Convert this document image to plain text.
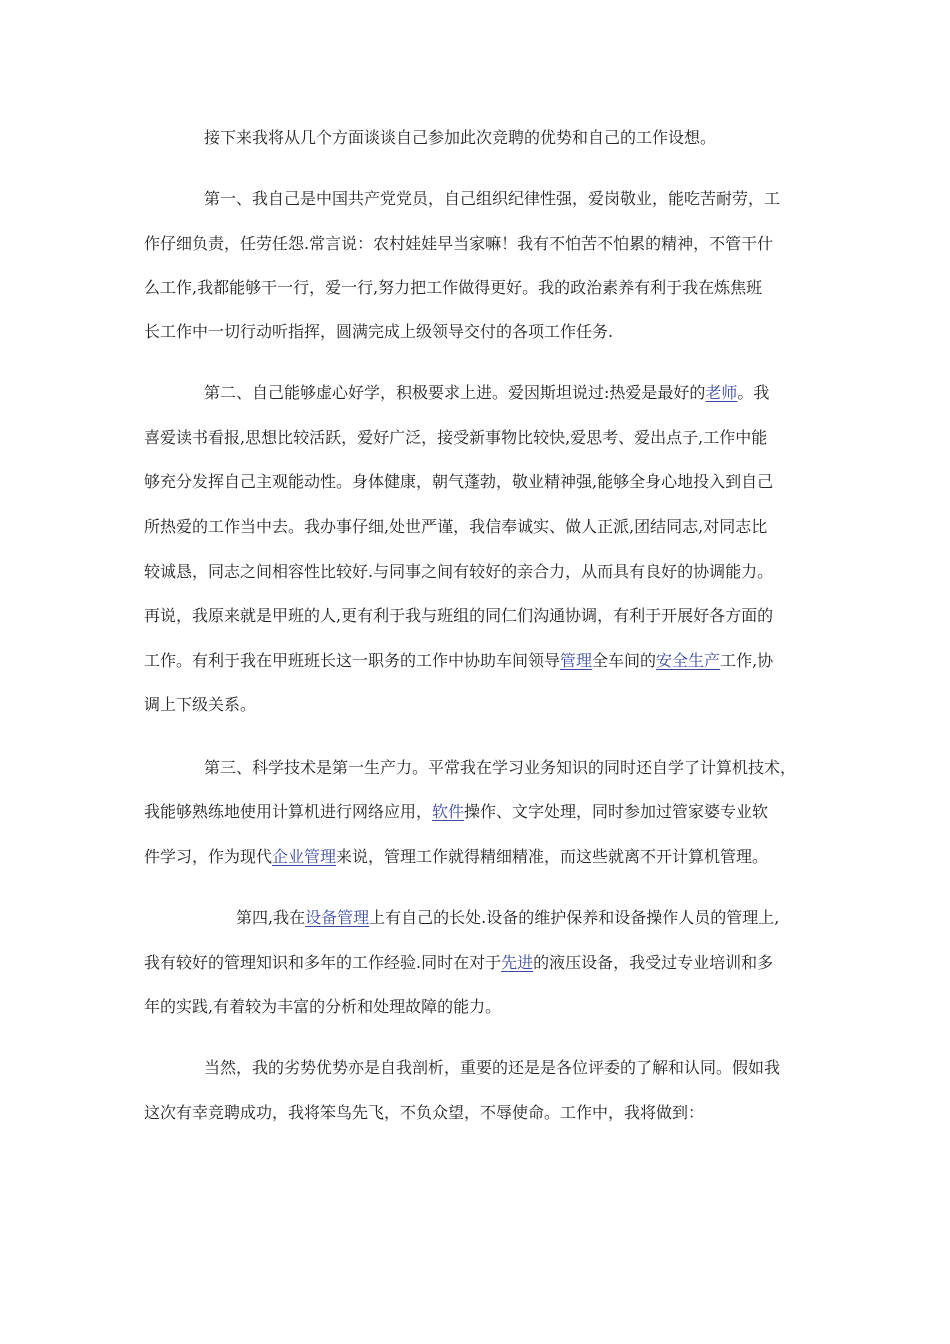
接下来我将从几个方面谈谈自己参加此次竞聘的优势和自己的工作设想。
第一、我自己是中国共产党党员，自己组织纪律性强，爱岗敬业，能吃苦耐劳，工
作仔细负责，任劳任怨.常言说：农村娃娃早当家嘛！我有不怕苦不怕累的精神，不管干什
么工作,我都能够干一行，爱一行,努力把工作做得更好。我的政治素养有利于我在炼焦班
长工作中一切行动听指挥，圆满完成上级领导交付的各项工作任务.
第二、自己能够虚心好学，积极要求上进。爱因斯坦说过:热爱是最好的老师。我
喜爱读书看报,思想比较活跃，爱好广泛，接受新事物比较快,爱思考、爱出点子,工作中能
够充分发挥自己主观能动性。身体健康，朝气蓬勃，敬业精神强,能够全身心地投入到自己
所热爱的工作当中去。我办事仔细,处世严谨，我信奉诚实、做人正派,团结同志,对同志比
较诚恳，同志之间相容性比较好.与同事之间有较好的亲合力，从而具有良好的协调能力。
再说，我原来就是甲班的人,更有利于我与班组的同仁们沟通协调，有利于开展好各方面的
工作。有利于我在甲班班长这一职务的工作中协助车间领导管理全车间的安全生产工作,协
调上下级关系。
第三、科学技术是第一生产力。平常我在学习业务知识的同时还自学了计算机技术，
我能够熟练地使用计算机进行网络应用，软件操作、文字处理，同时参加过管家婆专业软
件学习，作为现代企业管理来说，管理工作就得精细精准，而这些就离不开计算机管理。
第四,我在设备管理上有自己的长处.设备的维护保养和设备操作人员的管理上,
我有较好的管理知识和多年的工作经验.同时在对于先进的液压设备，我受过专业培训和多
年的实践,有着较为丰富的分析和处理故障的能力。
当然，我的劣势优势亦是自我剖析，重要的还是是各位评委的了解和认同。假如我
这次有幸竞聘成功，我将笨鸟先飞，不负众望，不辱使命。工作中，我将做到：
